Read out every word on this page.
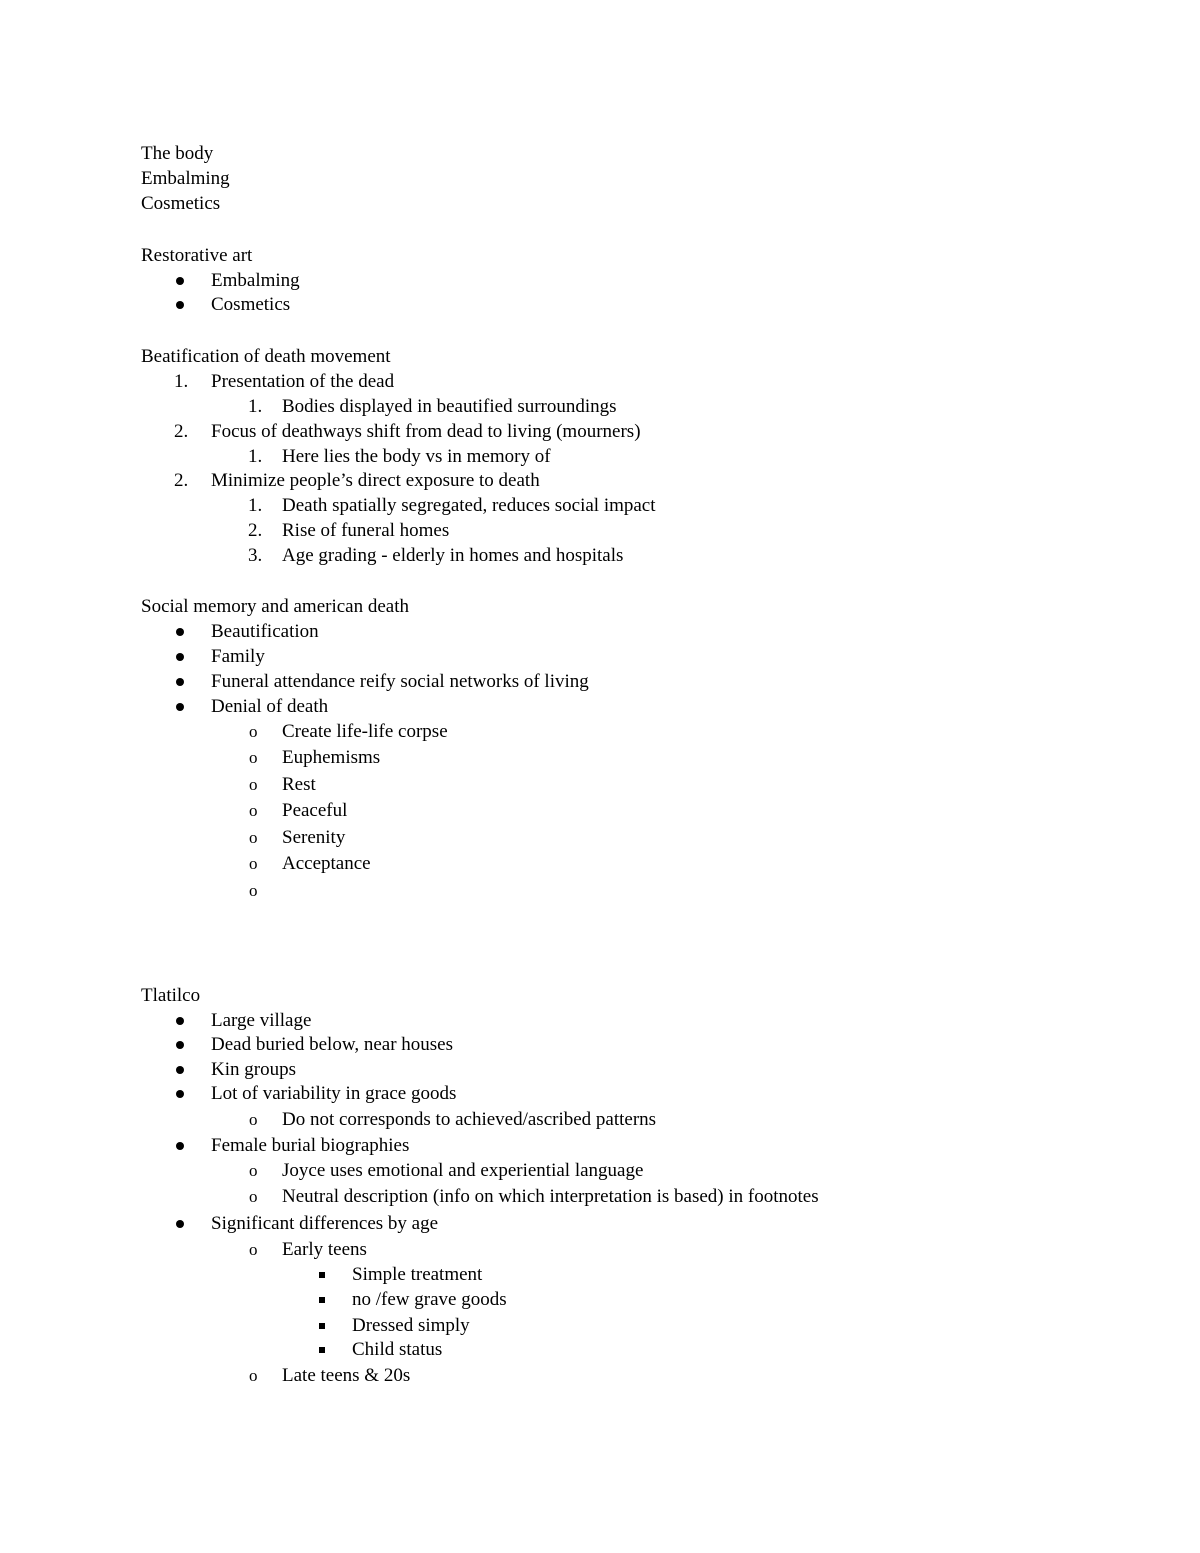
The body
Embalming
Cosmetics
Restorative art
Embalming
Cosmetics
Beatification of death movement
1. Presentation of the dead
1. Bodies displayed in beautified surroundings
2. Focus of deathways shift from dead to living (mourners)
1. Here lies the body vs in memory of
2. Minimize people’s direct exposure to death
1. Death spatially segregated, reduces social impact
2. Rise of funeral homes
3. Age grading - elderly in homes and hospitals
Social memory and american death
Beautification
Family
Funeral attendance reify social networks of living
Denial of death
o Create life-life corpse
o Euphemisms
o Rest
o Peaceful
o Serenity
o Acceptance
o
Tlatilco
Large village
Dead buried below, near houses
Kin groups
Lot of variability in grace goods
o Do not corresponds to achieved/ascribed patterns
Female burial biographies
o Joyce uses emotional and experiential language
o Neutral description (info on which interpretation is based) in footnotes
Significant differences by age
o Early teens
Simple treatment
no /few grave goods
Dressed simply
Child status
o Late teens & 20s
